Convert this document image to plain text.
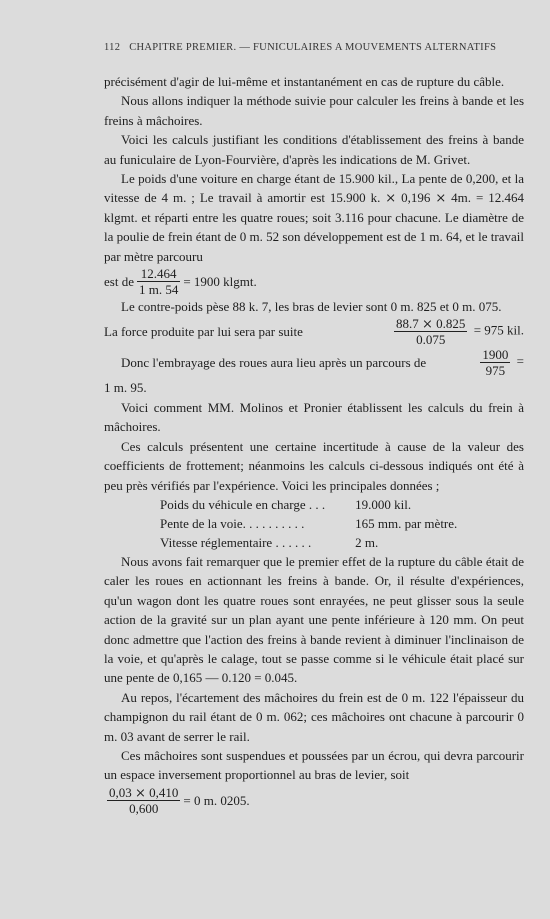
112 CHAPITRE PREMIER. — FUNICULAIRES A MOUVEMENTS ALTERNATIFS

précisément d'agir de lui-même et instantanément en cas de rupture du câble.

Nous allons indiquer la méthode suivie pour calculer les freins à bande et les freins à mâchoires.

Voici les calculs justifiant les conditions d'établissement des freins à bande au funiculaire de Lyon-Fourvière, d'après les indications de M. Grivet.

Le poids d'une voiture en charge étant de 15.900 kil., La pente de 0,200, et la vitesse de 4 m. ; Le travail à amortir est 15.900 k. ⨯ 0,196 ⨯ 4m. = 12.464 klgmt. et réparti entre les quatre roues; soit 3.116 pour chacune. Le diamètre de la poulie de frein étant de 0 m. 52 son développement est de 1 m. 64, et le travail par mètre parcouru

est de $\frac{12.464}{1 m. 54} = 1900$ klgmt.

Le contre-poids pèse 88 k. 7, les bras de levier sont 0 m. 825 et 0 m. 075.

La force produite par lui sera par suite	$\frac{88.7 ⨯ 0.825}{0.075} = 975$ kil.
Donc l'embrayage des roues aura lieu après un parcours de	$\frac{1900}{975}$ =

1 m. 95.

Voici comment MM. Molinos et Pronier établissent les calculs du frein à mâchoires.

Ces calculs présentent une certaine incertitude à cause de la valeur des coefficients de frottement; néanmoins les calculs ci-dessous indiqués ont été à peu près vérifiés par l'expérience. Voici les principales données ;

Poids du véhicule en charge . . .	19.000 kil.
Pente de la voie. . . . . . . . . .	165 mm. par mètre.
Vitesse réglementaire . . . . . .	2 m.

Nous avons fait remarquer que le premier effet de la rupture du câble était de caler les roues en actionnant les freins à bande. Or, il résulte d'expériences, qu'un wagon dont les quatre roues sont enrayées, ne peut glisser sous la seule action de la gravité sur un plan ayant une pente inférieure à 120 mm. On peut donc admettre que l'action des freins à bande revient à diminuer l'inclinaison de la voie, et qu'après le calage, tout se passe comme si le véhicule était placé sur une pente de 0,165 — 0.120 = 0.045.

Au repos, l'écartement des mâchoires du frein est de 0 m. 122 l'épaisseur du champignon du rail étant de 0 m. 062; ces mâchoires ont chacune à parcourir 0 m. 03 avant de serrer le rail.

Ces mâchoires sont suspendues et poussées par un écrou, qui devra parcourir un espace inversement proportionnel au bras de levier, soit

$\frac{0,03 ⨯ 0,410}{0,600} = 0$ m. 0205.
